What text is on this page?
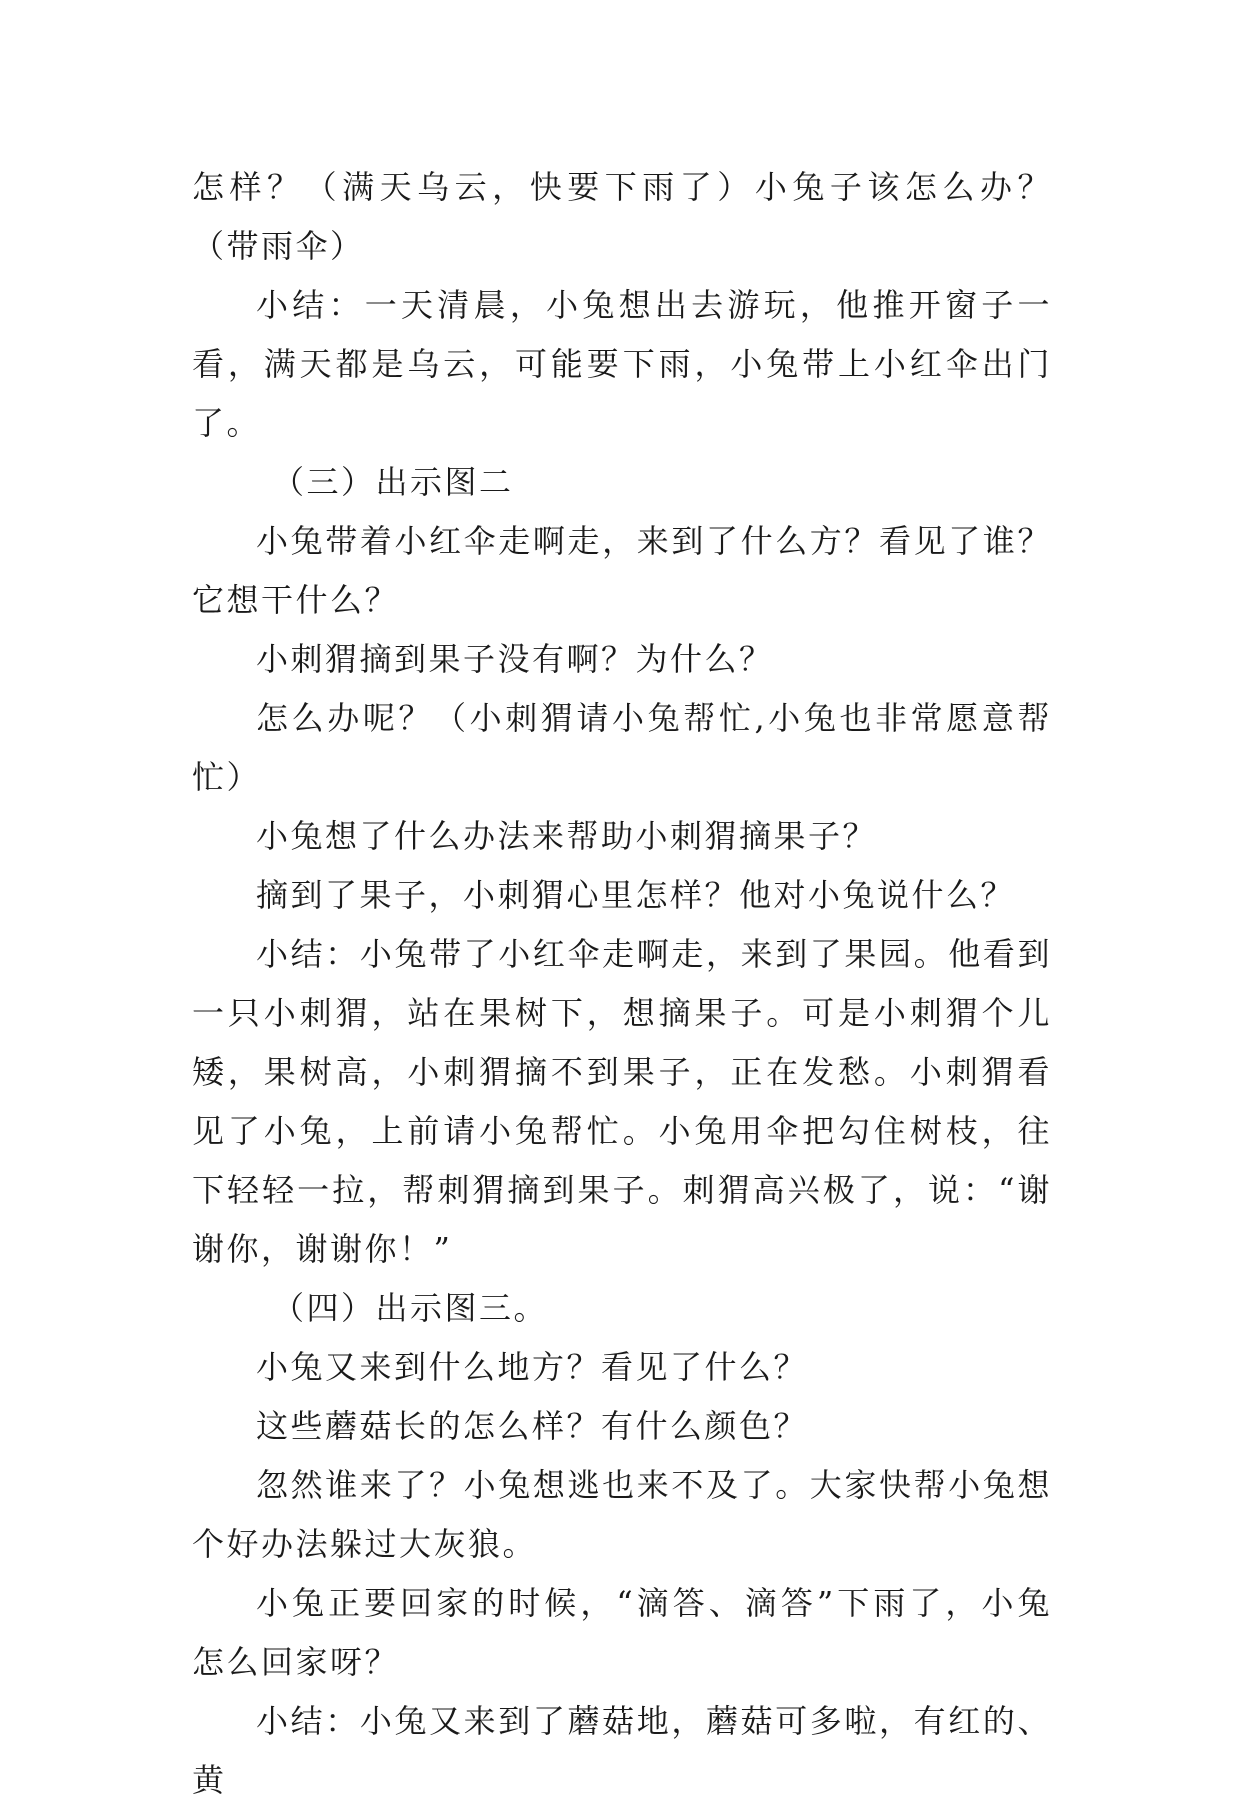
怎样？（满天乌云，快要下雨了）小兔子该怎么办？（带雨伞）

小结：一天清晨，小兔想出去游玩，他推开窗子一看，满天都是乌云，可能要下雨，小兔带上小红伞出门了。

（三）出示图二

小兔带着小红伞走啊走，来到了什么方？看见了谁？它想干什么？

小刺猬摘到果子没有啊？为什么？

怎么办呢？（小刺猬请小兔帮忙,小兔也非常愿意帮忙）

小兔想了什么办法来帮助小刺猬摘果子？

摘到了果子，小刺猬心里怎样？他对小兔说什么？

小结：小兔带了小红伞走啊走，来到了果园。他看到一只小刺猬，站在果树下，想摘果子。可是小刺猬个儿矮，果树高，小刺猬摘不到果子，正在发愁。小刺猬看见了小兔，上前请小兔帮忙。小兔用伞把勾住树枝，往下轻轻一拉，帮刺猬摘到果子。刺猬高兴极了，说：“谢谢你，谢谢你！”

（四）出示图三。

小兔又来到什么地方？看见了什么？

这些蘑菇长的怎么样？有什么颜色？

忽然谁来了？小兔想逃也来不及了。大家快帮小兔想个好办法躲过大灰狼。

小兔正要回家的时候，“滴答、滴答”下雨了，小兔怎么回家呀？

小结：小兔又来到了蘑菇地，蘑菇可多啦，有红的、黄
